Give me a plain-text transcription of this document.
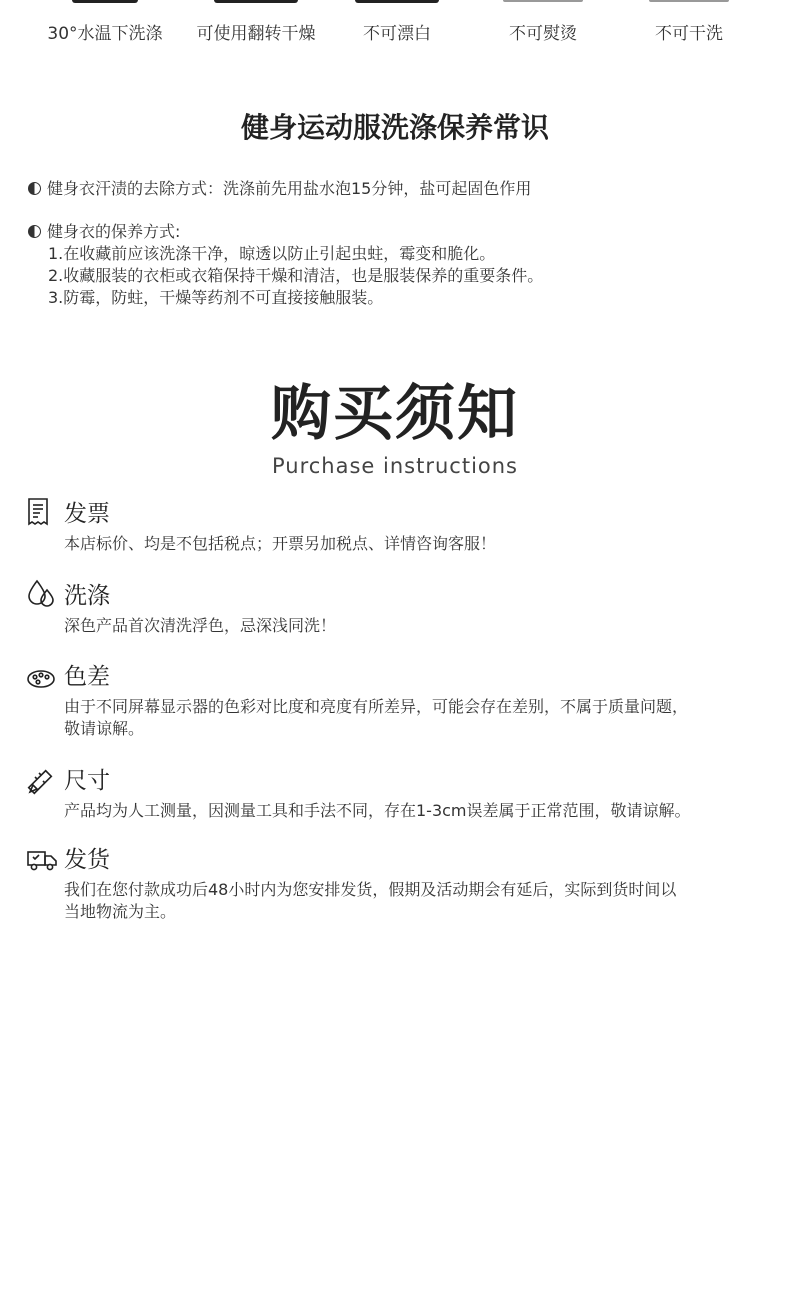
30°水温下洗涤	可使用翻转干燥	不可漂白	不可熨烫	不可干洗
健身运动服洗涤保养常识
健身衣汗渍的去除方式：洗涤前先用盐水泡15分钟，盐可起固色作用
健身衣的保养方式:
1.在收藏前应该洗涤干净，晾透以防止引起虫蛀，霉变和脆化。
2.收藏服装的衣柜或衣箱保持干燥和清洁，也是服装保养的重要条件。
3.防霉，防蛀，干燥等药剂不可直接接触服装。
购买须知
Purchase instructions
发票
本店标价、均是不包括税点；开票另加税点、详情咨询客服！
洗涤
深色产品首次清洗浮色，忌深浅同洗！
色差
由于不同屏幕显示器的色彩对比度和亮度有所差异，可能会存在差别，不属于质量问题，
敬请谅解。
尺寸
产品均为人工测量，因测量工具和手法不同，存在1-3cm误差属于正常范围，敬请谅解。
发货
我们在您付款成功后48小时内为您安排发货，假期及活动期会有延后，实际到货时间以
当地物流为主。
